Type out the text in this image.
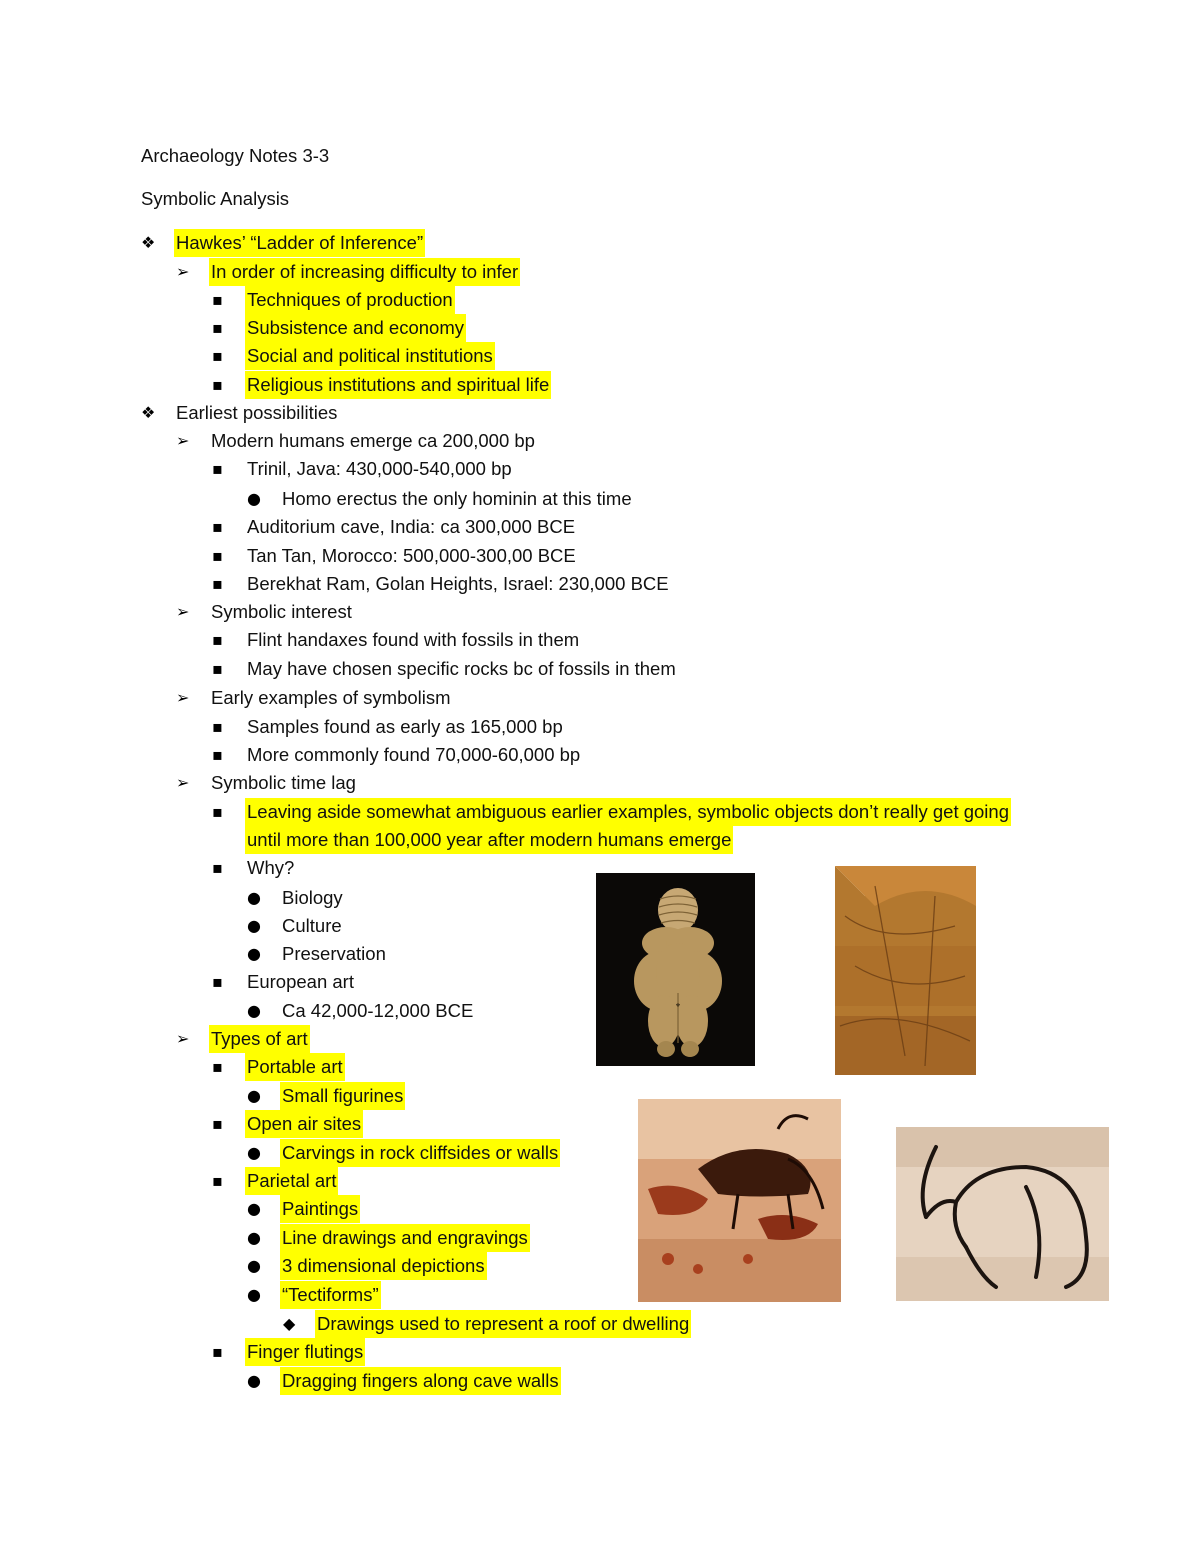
Archaeology Notes 3-3
Symbolic Analysis
❖ Hawkes’ “Ladder of Inference”
➢ In order of increasing difficulty to infer
▪ Techniques of production
▪ Subsistence and economy
▪ Social and political institutions
▪ Religious institutions and spiritual life
❖ Earliest possibilities
➢ Modern humans emerge ca 200,000 bp
▪ Trinil, Java: 430,000-540,000 bp
● Homo erectus the only hominin at this time
▪ Auditorium cave, India: ca 300,000 BCE
▪ Tan Tan, Morocco: 500,000-300,00 BCE
▪ Berekhat Ram, Golan Heights, Israel: 230,000 BCE
➢ Symbolic interest
▪ Flint handaxes found with fossils in them
▪ May have chosen specific rocks bc of fossils in them
➢ Early examples of symbolism
▪ Samples found as early as 165,000 bp
▪ More commonly found 70,000-60,000 bp
➢ Symbolic time lag
▪ Leaving aside somewhat ambiguous earlier examples, symbolic objects don’t really get going
until more than 100,000 year after modern humans emerge
▪ Why?
● Biology
● Culture
● Preservation
▪ European art
● Ca 42,000-12,000 BCE
➢ Types of art
▪ Portable art
● Small figurines
▪ Open air sites
● Carvings in rock cliffsides or walls
▪ Parietal art
● Paintings
● Line drawings and engravings
● 3 dimensional depictions
● “Tectiforms”
◆ Drawings used to represent a roof or dwelling
▪ Finger flutings
● Dragging fingers along cave walls
